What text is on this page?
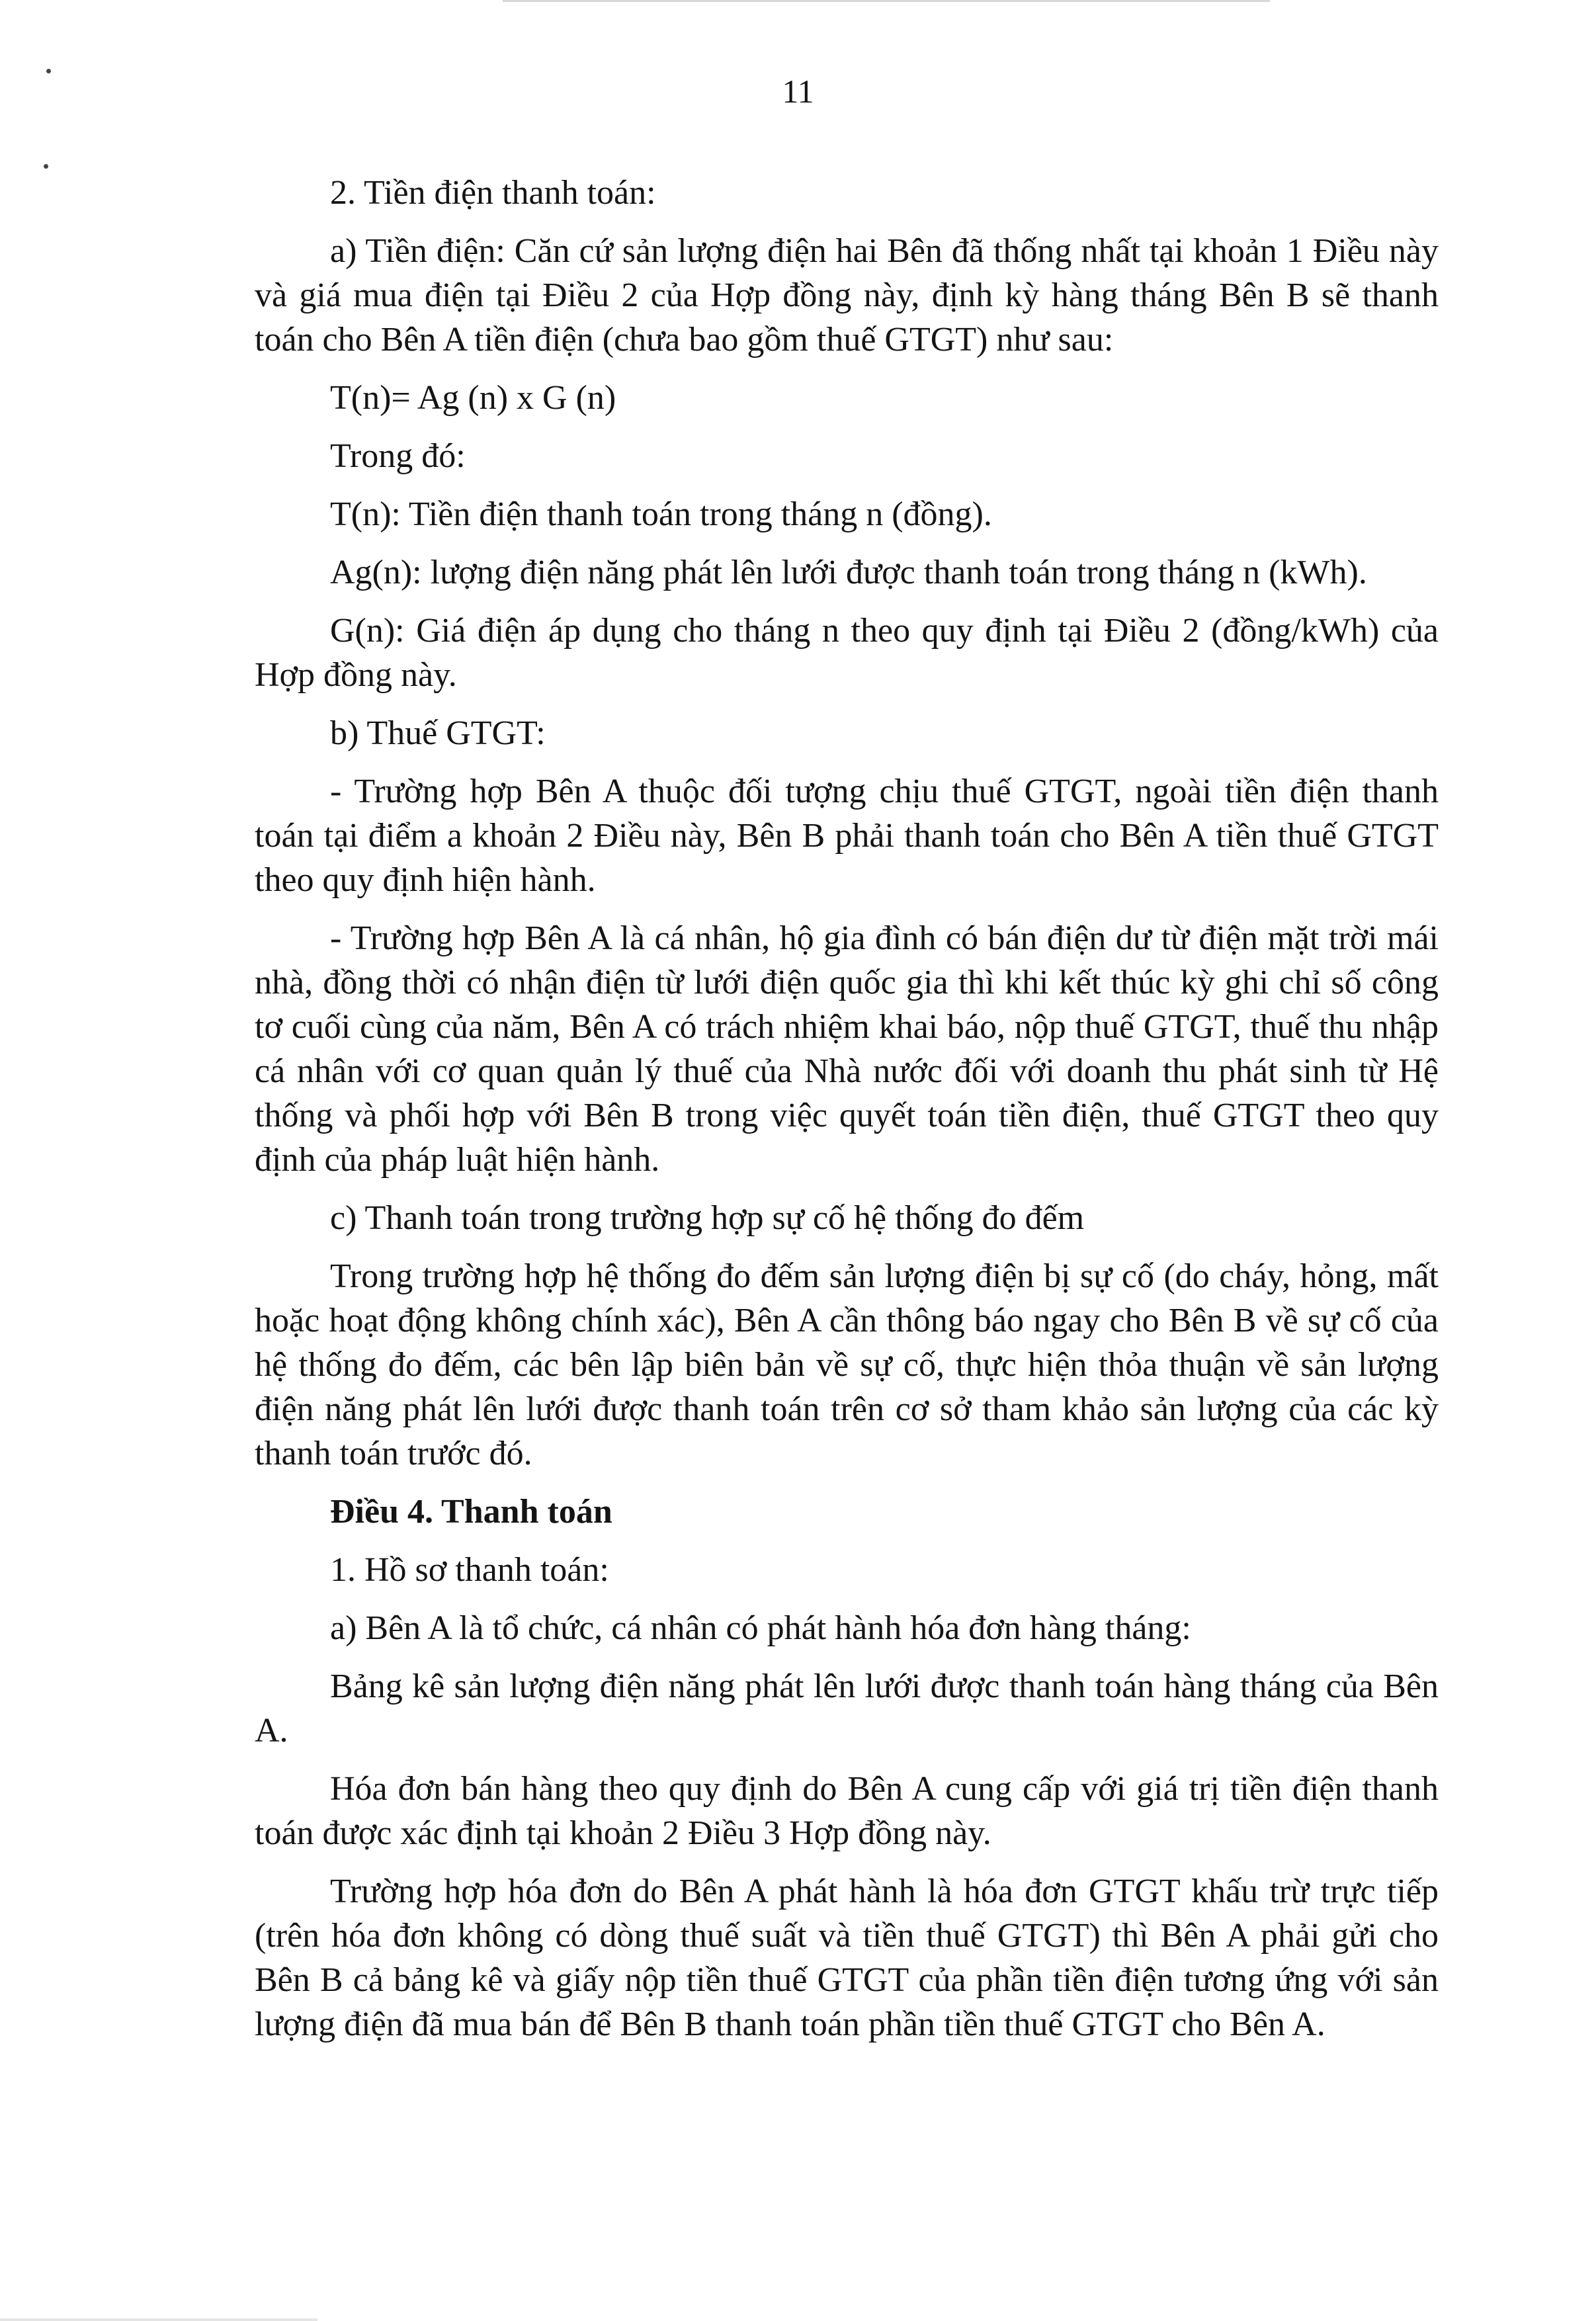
11

2. Tiền điện thanh toán:

a) Tiền điện: Căn cứ sản lượng điện hai Bên đã thống nhất tại khoản 1 Điều này và giá mua điện tại Điều 2 của Hợp đồng này, định kỳ hàng tháng Bên B sẽ thanh toán cho Bên A tiền điện (chưa bao gồm thuế GTGT) như sau:

T(n)= Ag (n) x G (n)

Trong đó:

T(n): Tiền điện thanh toán trong tháng n (đồng).

Ag(n): lượng điện năng phát lên lưới được thanh toán trong tháng n (kWh).

G(n): Giá điện áp dụng cho tháng n theo quy định tại Điều 2 (đồng/kWh) của Hợp đồng này.

b) Thuế GTGT:

- Trường hợp Bên A thuộc đối tượng chịu thuế GTGT, ngoài tiền điện thanh toán tại điểm a khoản 2 Điều này, Bên B phải thanh toán cho Bên A tiền thuế GTGT theo quy định hiện hành.

- Trường hợp Bên A là cá nhân, hộ gia đình có bán điện dư từ điện mặt trời mái nhà, đồng thời có nhận điện từ lưới điện quốc gia thì khi kết thúc kỳ ghi chỉ số công tơ cuối cùng của năm, Bên A có trách nhiệm khai báo, nộp thuế GTGT, thuế thu nhập cá nhân với cơ quan quản lý thuế của Nhà nước đối với doanh thu phát sinh từ Hệ thống và phối hợp với Bên B trong việc quyết toán tiền điện, thuế GTGT theo quy định của pháp luật hiện hành.

c) Thanh toán trong trường hợp sự cố hệ thống đo đếm

Trong trường hợp hệ thống đo đếm sản lượng điện bị sự cố (do cháy, hỏng, mất hoặc hoạt động không chính xác), Bên A cần thông báo ngay cho Bên B về sự cố của hệ thống đo đếm, các bên lập biên bản về sự cố, thực hiện thỏa thuận về sản lượng điện năng phát lên lưới được thanh toán trên cơ sở tham khảo sản lượng của các kỳ thanh toán trước đó.

Điều 4. Thanh toán

1. Hồ sơ thanh toán:

a) Bên A là tổ chức, cá nhân có phát hành hóa đơn hàng tháng:

Bảng kê sản lượng điện năng phát lên lưới được thanh toán hàng tháng của Bên A.

Hóa đơn bán hàng theo quy định do Bên A cung cấp với giá trị tiền điện thanh toán được xác định tại khoản 2 Điều 3 Hợp đồng này.

Trường hợp hóa đơn do Bên A phát hành là hóa đơn GTGT khấu trừ trực tiếp (trên hóa đơn không có dòng thuế suất và tiền thuế GTGT) thì Bên A phải gửi cho Bên B cả bảng kê và giấy nộp tiền thuế GTGT của phần tiền điện tương ứng với sản lượng điện đã mua bán để Bên B thanh toán phần tiền thuế GTGT cho Bên A.
